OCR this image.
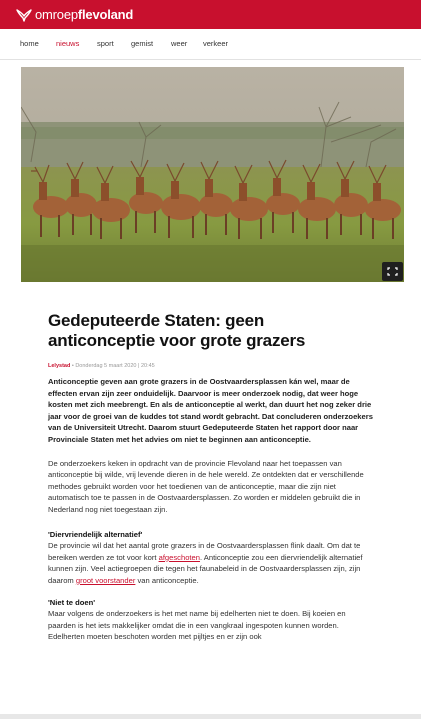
omroepflevoland
home nieuws sport gemist weer verkeer
Gedeputeerde Staten: geen anticonceptie voor grote grazers
Lelystad • Donderdag 5 maart 2020 | 20:45

Anticonceptie geven aan grote grazers in de Oostvaardersplassen kán wel, maar de effecten ervan zijn zeer onduidelijk. Daarvoor is meer onderzoek nodig, dat weer hoge kosten met zich meebrengt. En als de anticonceptie al werkt, dan duurt het nog zeker drie jaar voor de groei van de kuddes tot stand wordt gebracht. Dat concluderen onderzoekers van de Universiteit Utrecht. Daarom stuurt Gedeputeerde Staten het rapport door naar Provinciale Staten met het advies om niet te beginnen aan anticonceptie.

De onderzoekers keken in opdracht van de provincie Flevoland naar het toepassen van anticonceptie bij wilde, vrij levende dieren in de hele wereld. Ze ontdekten dat er verschillende methodes gebruikt worden voor het toedienen van de anticonceptie, maar die zijn niet automatisch toe te passen in de Oostvaardersplassen. Zo worden er middelen gebruikt die in Nederland nog niet toegestaan zijn.

'Diervriendelijk alternatief'

De provincie wil dat het aantal grote grazers in de Oostvaardersplassen flink daalt. Om dat te bereiken werden ze tot voor kort afgeschoten. Anticonceptie zou een diervriendelijk alternatief kunnen zijn. Veel actiegroepen die tegen het faunabeleid in de Oostvaardersplassen zijn, zijn daarom groot voorstander van anticonceptie.

'Niet te doen'

Maar volgens de onderzoekers is het met name bij edelherten niet te doen. Bij koeien en paarden is het iets makkelijker omdat die in een vangkraal ingespoten kunnen worden. Edelherten moeten beschoten worden met pijltjes en er zijn ook
